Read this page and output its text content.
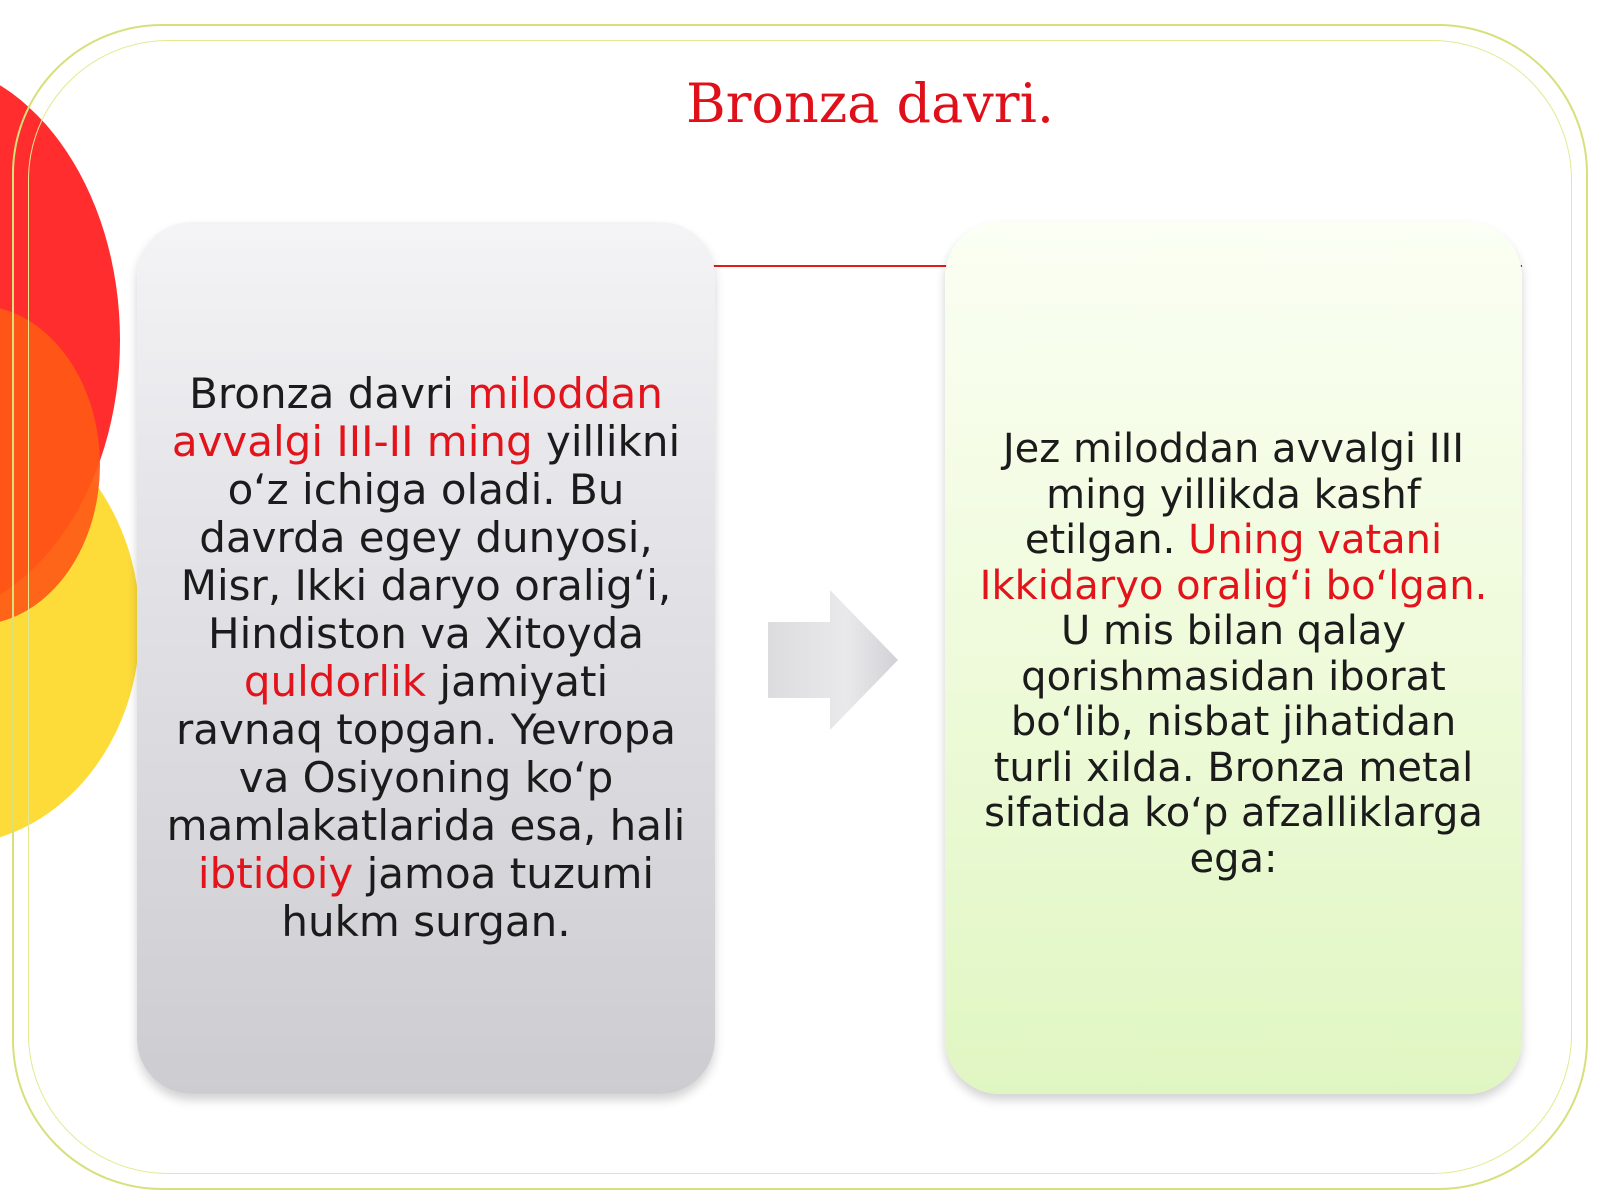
Bronza davri.

Bronza davri miloddan avvalgi III-II ming yillikni o‘z ichiga oladi. Bu davrda egey dunyosi, Misr, Ikki daryo oralig‘i, Hindiston va Xitoyda quldorlik jamiyati ravnaq topgan. Yevropa va Osiyoning ko‘p mamlakatlarida esa, hali ibtidoiy jamoa tuzumi hukm surgan.

Jez miloddan avvalgi III ming yillikda kashf etilgan. Uning vatani Ikkidaryo oralig‘i bo‘lgan. U mis bilan qalay qorishmasidan iborat bo‘lib, nisbat jihatidan turli xilda. Bronza metal sifatida ko‘p afzalliklarga ega:
